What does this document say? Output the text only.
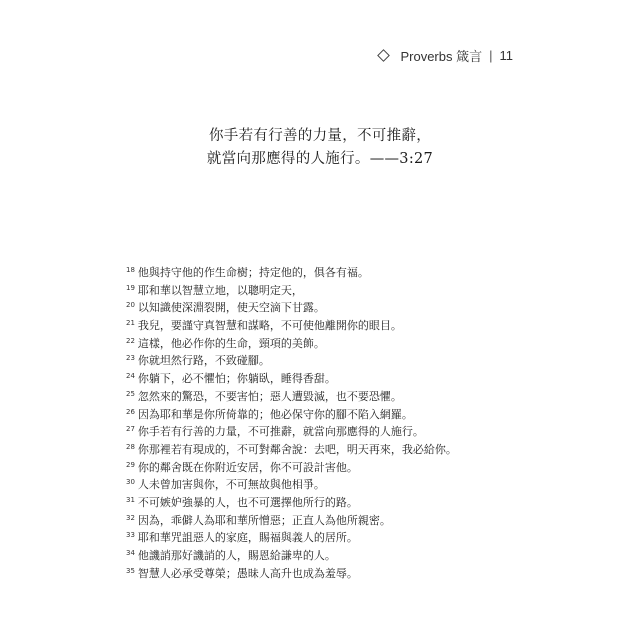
Proverbs 箴言 | 11
你手若有行善的力量，不可推辭，
就當向那應得的人施行。——3:27
$^{18}$ 他與持守他的作生命樹；持定他的，俱各有福。
$^{19}$ 耶和華以智慧立地，以聰明定天，
$^{20}$ 以知識使深淵裂開，使天空滴下甘露。
$^{21}$ 我兒，要謹守真智慧和謀略，不可使他離開你的眼目。
$^{22}$ 這樣，他必作你的生命，頸項的美飾。
$^{23}$ 你就坦然行路，不致碰腳。
$^{24}$ 你躺下，必不懼怕；你躺臥，睡得香甜。
$^{25}$ 忽然來的驚恐，不要害怕；惡人遭毀滅，也不要恐懼。
$^{26}$ 因為耶和華是你所倚靠的；他必保守你的腳不陷入網羅。
$^{27}$ 你手若有行善的力量，不可推辭，就當向那應得的人施行。
$^{28}$ 你那裡若有現成的，不可對鄰舍說：去吧，明天再來，我必給你。
$^{29}$ 你的鄰舍既在你附近安居，你不可設計害他。
$^{30}$ 人未曾加害與你，不可無故與他相爭。
$^{31}$ 不可嫉妒強暴的人，也不可選擇他所行的路。
$^{32}$ 因為，乖僻人為耶和華所憎惡；正直人為他所親密。
$^{33}$ 耶和華咒詛惡人的家庭，賜福與義人的居所。
$^{34}$ 他譏誚那好譏誚的人，賜恩給謙卑的人。
$^{35}$ 智慧人必承受尊榮；愚昧人高升也成為羞辱。
